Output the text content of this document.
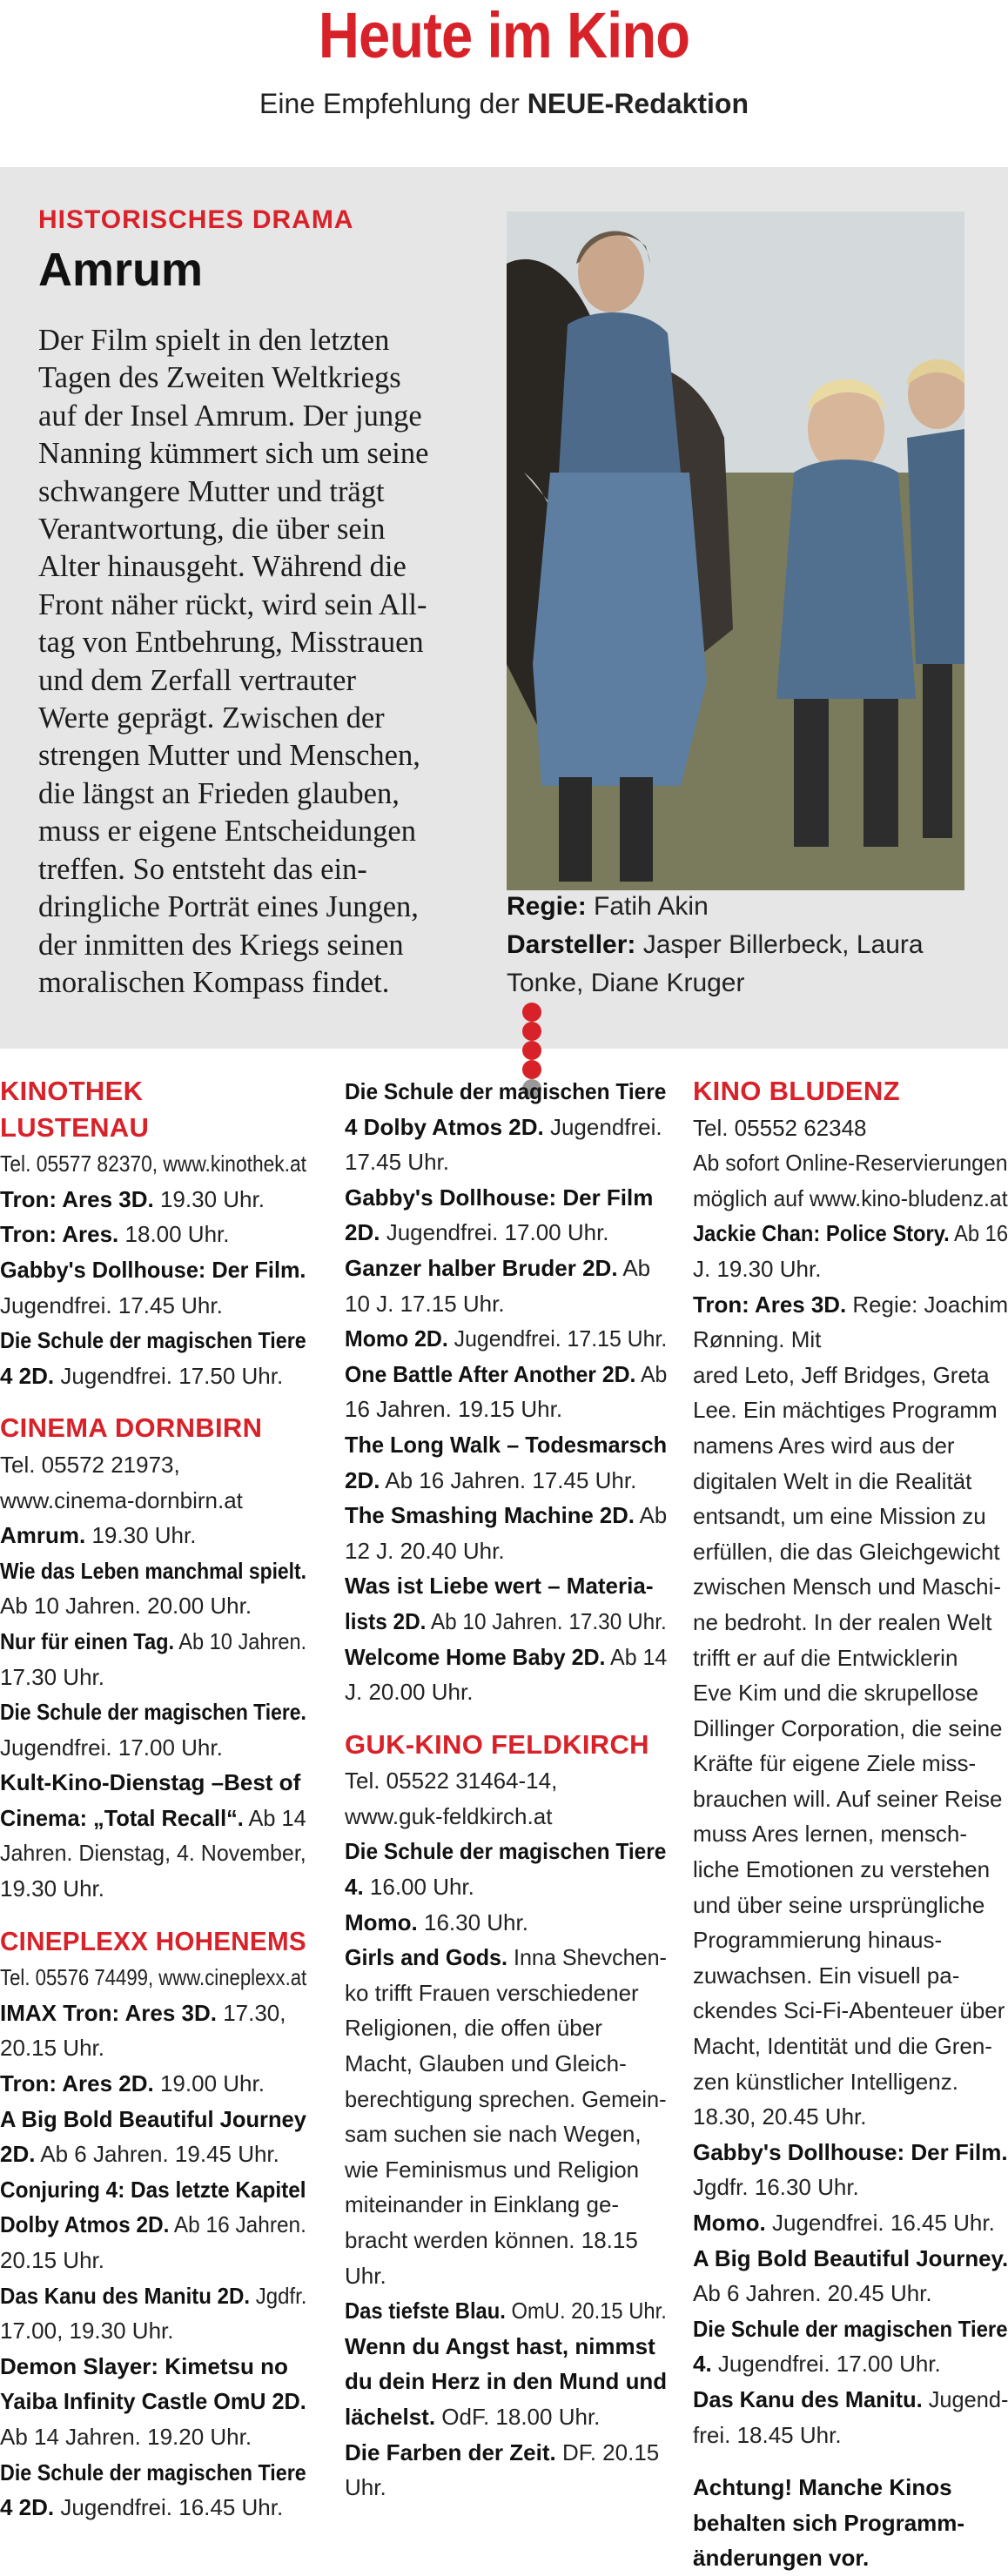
Heute im Kino
Eine Empfehlung der NEUE-Redaktion
HISTORISCHES DRAMA
Amrum
Der Film spielt in den letzten
Tagen des Zweiten Weltkriegs
auf der Insel Amrum. Der junge
Nanning kümmert sich um seine
schwangere Mutter und trägt
Verantwortung, die über sein
Alter hinausgeht. Während die
Front näher rückt, wird sein All-
tag von Entbehrung, Misstrauen
und dem Zerfall vertrauter
Werte geprägt. Zwischen der
strengen Mutter und Menschen,
die längst an Frieden glauben,
muss er eigene Entscheidungen
treffen. So entsteht das ein-
dringliche Porträt eines Jungen,
der inmitten des Kriegs seinen
moralischen Kompass findet.
Regie: Fatih Akin
Darsteller: Jasper Billerbeck, Laura
Tonke, Diane Kruger
KINOTHEK
LUSTENAU
Tel. 05577 82370, www.kinothek.at
Tron: Ares 3D. 19.30 Uhr.
Tron: Ares. 18.00 Uhr.
Gabby's Dollhouse: Der Film.
Jugendfrei. 17.45 Uhr.
Die Schule der magischen Tiere
4 2D. Jugendfrei. 17.50 Uhr.
CINEMA DORNBIRN
Tel. 05572 21973,
www.cinema-dornbirn.at
Amrum. 19.30 Uhr.
Wie das Leben manchmal spielt.
Ab 10 Jahren. 20.00 Uhr.
Nur für einen Tag. Ab 10 Jahren.
17.30 Uhr.
Die Schule der magischen Tiere.
Jugendfrei. 17.00 Uhr.
Kult-Kino-Dienstag –Best of
Cinema: „Total Recall“. Ab 14
Jahren. Dienstag, 4. November,
19.30 Uhr.
CINEPLEXX HOHENEMS
Tel. 05576 74499, www.cineplexx.at
IMAX Tron: Ares 3D. 17.30,
20.15 Uhr.
Tron: Ares 2D. 19.00 Uhr.
A Big Bold Beautiful Journey
2D. Ab 6 Jahren. 19.45 Uhr.
Conjuring 4: Das letzte Kapitel
Dolby Atmos 2D. Ab 16 Jahren.
20.15 Uhr.
Das Kanu des Manitu 2D. Jgdfr.
17.00, 19.30 Uhr.
Demon Slayer: Kimetsu no
Yaiba Infinity Castle OmU 2D.
Ab 14 Jahren. 19.20 Uhr.
Die Schule der magischen Tiere
4 2D. Jugendfrei. 16.45 Uhr.
Die Schule der magischen Tiere
4 Dolby Atmos 2D. Jugendfrei.
17.45 Uhr.
Gabby's Dollhouse: Der Film
2D. Jugendfrei. 17.00 Uhr.
Ganzer halber Bruder 2D. Ab
10 J. 17.15 Uhr.
Momo 2D. Jugendfrei. 17.15 Uhr.
One Battle After Another 2D. Ab
16 Jahren. 19.15 Uhr.
The Long Walk – Todesmarsch
2D. Ab 16 Jahren. 17.45 Uhr.
The Smashing Machine 2D. Ab
12 J. 20.40 Uhr.
Was ist Liebe wert – Materia-
lists 2D. Ab 10 Jahren. 17.30 Uhr.
Welcome Home Baby 2D. Ab 14
J. 20.00 Uhr.
GUK-KINO FELDKIRCH
Tel. 05522 31464-14,
www.guk-feldkirch.at
Die Schule der magischen Tiere
4. 16.00 Uhr.
Momo. 16.30 Uhr.
Girls and Gods. Inna Shevchen-
ko trifft Frauen verschiedener
Religionen, die offen über
Macht, Glauben und Gleich-
berechtigung sprechen. Gemein-
sam suchen sie nach Wegen,
wie Feminismus und Religion
miteinander in Einklang ge-
bracht werden können. 18.15
Uhr.
Das tiefste Blau. OmU. 20.15 Uhr.
Wenn du Angst hast, nimmst
du dein Herz in den Mund und
lächelst. OdF. 18.00 Uhr.
Die Farben der Zeit. DF. 20.15
Uhr.
KINO BLUDENZ
Tel. 05552 62348
Ab sofort Online-Reservierungen
möglich auf www.kino-bludenz.at
Jackie Chan: Police Story. Ab 16
J. 19.30 Uhr.
Tron: Ares 3D. Regie: Joachim
Rønning. Mit
ared Leto, Jeff Bridges, Greta
Lee. Ein mächtiges Programm
namens Ares wird aus der
digitalen Welt in die Realität
entsandt, um eine Mission zu
erfüllen, die das Gleichgewicht
zwischen Mensch und Maschi-
ne bedroht. In der realen Welt
trifft er auf die Entwicklerin
Eve Kim und die skrupellose
Dillinger Corporation, die seine
Kräfte für eigene Ziele miss-
brauchen will. Auf seiner Reise
muss Ares lernen, mensch-
liche Emotionen zu verstehen
und über seine ursprüngliche
Programmierung hinaus-
zuwachsen. Ein visuell pa-
ckendes Sci-Fi-Abenteuer über
Macht, Identität und die Gren-
zen künstlicher Intelligenz.
18.30, 20.45 Uhr.
Gabby's Dollhouse: Der Film.
Jgdfr. 16.30 Uhr.
Momo. Jugendfrei. 16.45 Uhr.
A Big Bold Beautiful Journey.
Ab 6 Jahren. 20.45 Uhr.
Die Schule der magischen Tiere
4. Jugendfrei. 17.00 Uhr.
Das Kanu des Manitu. Jugend-
frei. 18.45 Uhr.
Achtung! Manche Kinos
behalten sich Programm-
änderungen vor.
